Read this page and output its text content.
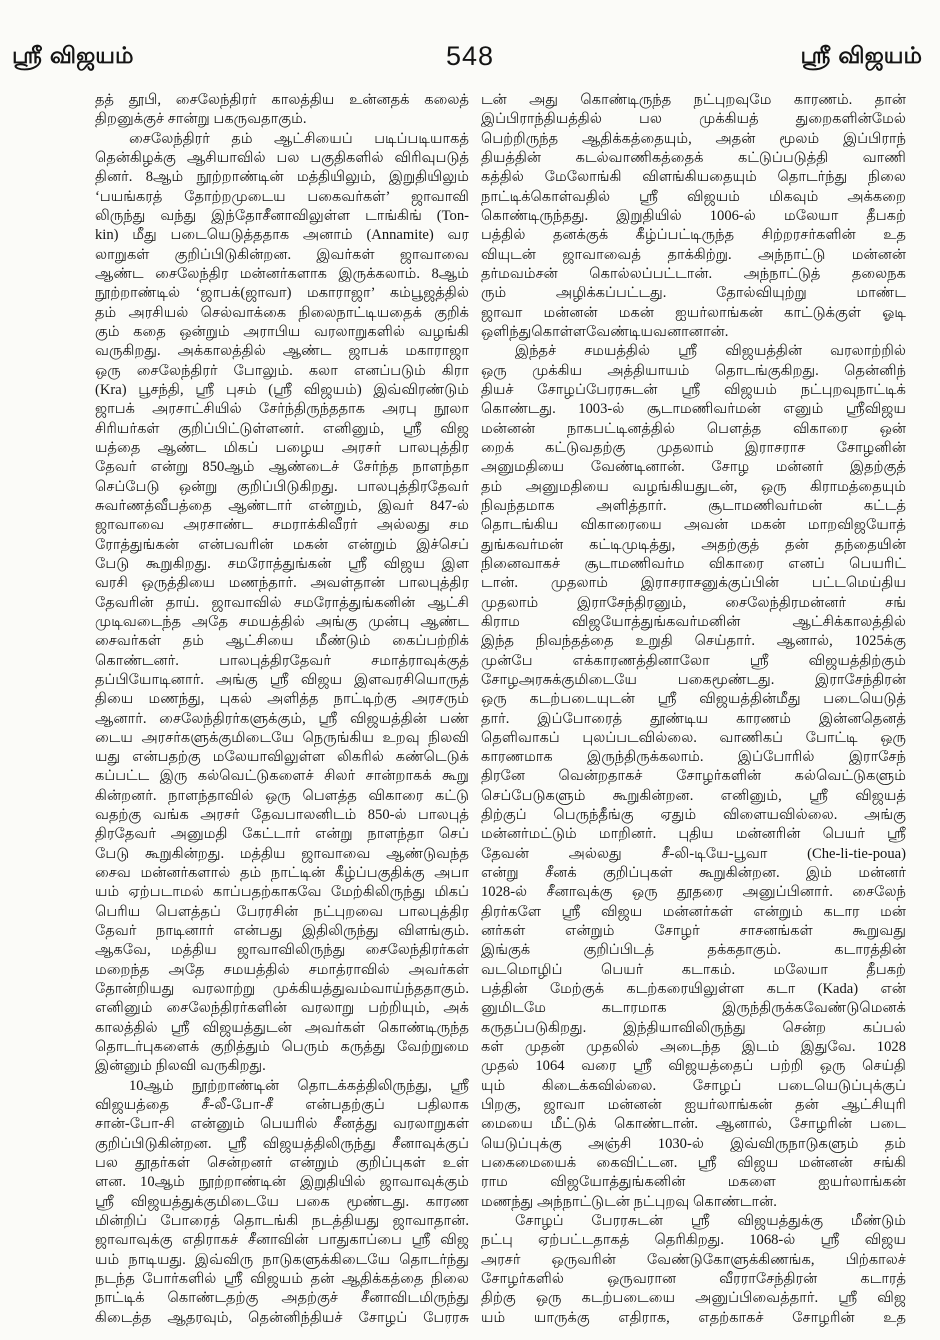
ஸ்ரீ விஜயம்	548	ஸ்ரீ விஜயம்
தத் தூபி, சைலேந்திரர் காலத்திய உன்னதக் கலைத்
திறனுக்குச் சான்று பகருவதாகும்.
சைலேந்திரர் தம் ஆட்சியைப் படிப்படியாகத்
தென்கிழக்கு ஆசியாவில் பல பகுதிகளில் விரிவுபடுத்
தினர். 8ஆம் நூற்றாண்டின் மத்தியிலும், இறுதியிலும்
‘பயங்கரத் தோற்றமுடைய பகைவர்கள்’ ஜாவாவி
லிருந்து வந்து இந்தோசீனாவிலுள்ள டாங்கிங் (Ton-
kin) மீது படையெடுத்ததாக அனாம் (Annamite) வர
லாறுகள் குறிப்பிடுகின்றன. இவர்கள் ஜாவாவை
ஆண்ட சைலேந்திர மன்னர்களாக இருக்கலாம். 8ஆம்
நூற்றாண்டில் ‘ஜாபக்(ஜாவா) மகாராஜா’ கம்பூஜத்தில்
தம் அரசியல் செல்வாக்கை நிலைநாட்டியதைக் குறிக்
கும் கதை ஒன்றும் அராபிய வரலாறுகளில் வழங்கி
வருகிறது. அக்காலத்தில் ஆண்ட ஜாபக் மகாராஜா
ஒரு சைலேந்திரர் போலும். கலா எனப்படும் கிரா
(Kra) பூசந்தி, ஸ்ரீ புசம் (ஸ்ரீ விஜயம்) இவ்விரண்டும்
ஜாபக் அரசாட்சியில் சேர்ந்திருந்ததாக அரபு நூலா
சிரியர்கள் குறிப்பிட்டுள்ளனர். எனினும், ஸ்ரீ விஜ
யத்தை ஆண்ட மிகப் பழைய அரசர் பாலபுத்திர
தேவர் என்று 850ஆம் ஆண்டைச் சேர்ந்த நாளந்தா
செப்பேடு ஒன்று குறிப்பிடுகிறது. பாலபுத்திரதேவர்
சுவர்ணத்வீபத்தை ஆண்டார் என்றும், இவர் 847-ல்
ஜாவாவை அரசாண்ட சமராக்கிவீரர் அல்லது சம
ரோத்துங்கன் என்பவரின் மகன் என்றும் இச்செப்
பேடு கூறுகிறது. சமரோத்துங்கன் ஸ்ரீ விஜய இள
வரசி ஒருத்தியை மணந்தார். அவள்தான் பாலபுத்திர
தேவரின் தாய். ஜாவாவில் சமரோத்துங்கனின் ஆட்சி
முடிவடைந்த அதே சமயத்தில் அங்கு முன்பு ஆண்ட
சைவர்கள் தம் ஆட்சியை மீண்டும் கைப்பற்றிக்
கொண்டனர். பாலபுத்திரதேவர் சமாத்ராவுக்குத்
தப்பியோடினார். அங்கு ஸ்ரீ விஜய இளவரசியொருத்
தியை மணந்து, புகல் அளித்த நாட்டிற்கு அரசரும்
ஆனார். சைலேந்திரர்களுக்கும், ஸ்ரீ விஜயத்தின் பண்
டைய அரசர்களுக்குமிடையே நெருங்கிய உறவு நிலவி
யது என்பதற்கு மலேயாவிலுள்ள லிகரில் கண்டெடுக்
கப்பட்ட இரு கல்வெட்டுகளைச் சிலர் சான்றாகக் கூறு
கின்றனர். நாளந்தாவில் ஒரு பௌத்த விகாரை கட்டு
வதற்கு வங்க அரசர் தேவபாலனிடம் 850-ல் பாலபுத்
திரதேவர் அனுமதி கேட்டார் என்று நாளந்தா செப்
பேடு கூறுகின்றது. மத்திய ஜாவாவை ஆண்டுவந்த
சைவ மன்னர்களால் தம் நாட்டின் கீழ்ப்பகுதிக்கு அபா
யம் ஏற்படாமல் காப்பதற்காகவே மேற்கிலிருந்து மிகப்
பெரிய பௌத்தப் பேரரசின் நட்புறவை பாலபுத்திர
தேவர் நாடினார் என்பது இதிலிருந்து விளங்கும்.
ஆகவே, மத்திய ஜாவாவிலிருந்து சைலேந்திரர்கள்
மறைந்த அதே சமயத்தில் சமாத்ராவில் அவர்கள்
தோன்றியது வரலாற்று முக்கியத்துவம்வாய்ந்ததாகும்.
எனினும் சைலேந்திரர்களின் வரலாறு பற்றியும், அக்
காலத்தில் ஸ்ரீ விஜயத்துடன் அவர்கள் கொண்டிருந்த
தொடர்புகளைக் குறித்தும் பெரும் கருத்து வேற்றுமை
இன்னும் நிலவி வருகிறது.
10ஆம் நூற்றாண்டின் தொடக்கத்திலிருந்து, ஸ்ரீ
விஜயத்தை சீ-லீ-போ-சீ என்பதற்குப் பதிலாக
சான்-போ-சி என்னும் பெயரில் சீனத்து வரலாறுகள்
குறிப்பிடுகின்றன. ஸ்ரீ விஜயத்திலிருந்து சீனாவுக்குப்
பல தூதர்கள் சென்றனர் என்றும் குறிப்புகள் உள்
ளன. 10ஆம் நூற்றாண்டின் இறுதியில் ஜாவாவுக்கும்
ஸ்ரீ விஜயத்துக்குமிடையே பகை மூண்டது. காரண
மின்றிப் போரைத் தொடங்கி நடத்தியது ஜாவாதான்.
ஜாவாவுக்கு எதிராகச் சீனாவின் பாதுகாப்பை ஸ்ரீ விஜ
யம் நாடியது. இவ்விரு நாடுகளுக்கிடையே தொடர்ந்து
நடந்த போர்களில் ஸ்ரீ விஜயம் தன் ஆதிக்கத்தை நிலை
நாட்டிக் கொண்டதற்கு அதற்குச் சீனாவிடமிருந்து
கிடைத்த ஆதரவும், தென்னிந்தியச் சோழப் பேரரசு
டன் அது கொண்டிருந்த நட்புறவுமே காரணம். தான்
இப்பிராந்தியத்தில் பல முக்கியத் துறைகளின்மேல்
பெற்றிருந்த ஆதிக்கத்தையும், அதன் மூலம் இப்பிராந்
தியத்தின் கடல்வாணிகத்தைக் கட்டுப்படுத்தி வாணி
கத்தில் மேலோங்கி விளங்கியதையும் தொடர்ந்து நிலை
நாட்டிக்கொள்வதில் ஸ்ரீ விஜயம் மிகவும் அக்கறை
கொண்டிருந்தது. இறுதியில் 1006-ல் மலேயா தீபகற்
பத்தில் தனக்குக் கீழ்ப்பட்டிருந்த சிற்றரசர்களின் உத
வியுடன் ஜாவாவைத் தாக்கிற்று. அந்நாட்டு மன்னன்
தர்மவம்சன் கொல்லப்பட்டான். அந்நாட்டுத் தலைநக
ரும் அழிக்கப்பட்டது. தோல்வியுற்று மாண்ட
ஜாவா மன்னன் மகன் ஐயர்லாங்கன் காட்டுக்குள் ஓடி
ஒளிந்துகொள்ளவேண்டியவனானான்.
இந்தச் சமயத்தில் ஸ்ரீ விஜயத்தின் வரலாற்றில்
ஒரு முக்கிய அத்தியாயம் தொடங்குகிறது. தென்னிந்
தியச் சோழப்பேரரசுடன் ஸ்ரீ விஜயம் நட்புறவுநாட்டிக்
கொண்டது. 1003-ல் சூடாமணிவர்மன் எனும் ஸ்ரீவிஜய
மன்னன் நாகபட்டினத்தில் பௌத்த விகாரை ஒன்
றைக் கட்டுவதற்கு முதலாம் இராசராச சோழனின்
அனுமதியை வேண்டினான். சோழ மன்னர் இதற்குத்
தம் அனுமதியை வழங்கியதுடன், ஒரு கிராமத்தையும்
நிவந்தமாக அளித்தார். சூடாமணிவர்மன் கட்டத்
தொடங்கிய விகாரையை அவன் மகன் மாறவிஜயோத்
துங்கவர்மன் கட்டிமுடித்து, அதற்குத் தன் தந்தையின்
நினைவாகச் சூடாமணிவர்ம விகாரை எனப் பெயரிட்
டான். முதலாம் இராசராசனுக்குப்பின் பட்டமெய்திய
முதலாம் இராசேந்திரனும், சைலேந்திரமன்னர் சங்
கிராம விஜயோத்துங்கவர்மனின் ஆட்சிக்காலத்தில்
இந்த நிவந்தத்தை உறுதி செய்தார். ஆனால், 1025க்கு
முன்பே எக்காரணத்தினாலோ ஸ்ரீ விஜயத்திற்கும்
சோழஅரசுக்குமிடையே பகைமூண்டது. இராசேந்திரன்
ஒரு கடற்படையுடன் ஸ்ரீ விஜயத்தின்மீது படையெடுத்
தார். இப்போரைத் தூண்டிய காரணம் இன்னதெனத்
தெளிவாகப் புலப்படவில்லை. வாணிகப் போட்டி ஒரு
காரணமாக இருந்திருக்கலாம். இப்போரில் இராசேந்
திரனே வென்றதாகச் சோழர்களின் கல்வெட்டுகளும்
செப்பேடுகளும் கூறுகின்றன. எனினும், ஸ்ரீ விஜயத்
திற்குப் பெருந்தீங்கு ஏதும் விளையவில்லை. அங்கு
மன்னர்மட்டும் மாறினர். புதிய மன்னரின் பெயர் ஸ்ரீ
தேவன் அல்லது சீ-லி-டியே-பூவா (Che-li-tie-poua)
என்று சீனக் குறிப்புகள் கூறுகின்றன. இம் மன்னர்
1028-ல் சீனாவுக்கு ஒரு தூதரை அனுப்பினார். சைலேந்
திரர்களே ஸ்ரீ விஜய மன்னர்கள் என்றும் கடார மன்
னர்கள் என்றும் சோழர் சாசனங்கள் கூறுவது
இங்குக் குறிப்பிடத் தக்கதாகும். கடாரத்தின்
வடமொழிப் பெயர் கடாகம். மலேயா தீபகற்
பத்தின் மேற்குக் கடற்கரையிலுள்ள கடா (Kada) என்
னுமிடமே கடாரமாக இருந்திருக்கவேண்டுமெனக்
கருதப்படுகிறது. இந்தியாவிலிருந்து சென்ற கப்பல்
கள் முதன் முதலில் அடைந்த இடம் இதுவே. 1028
முதல் 1064 வரை ஸ்ரீ விஜயத்தைப் பற்றி ஒரு செய்தி
யும் கிடைக்கவில்லை. சோழப் படையெடுப்புக்குப்
பிறகு, ஜாவா மன்னன் ஐயர்லாங்கன் தன் ஆட்சியுரி
மையை மீட்டுக் கொண்டான். ஆனால், சோழரின் படை
யெடுப்புக்கு அஞ்சி 1030-ல் இவ்விருநாடுகளும் தம்
பகைமையைக் கைவிட்டன. ஸ்ரீ விஜய மன்னன் சங்கி
ராம விஜயோத்துங்கனின் மகளை ஐயர்லாங்கன்
மணந்து அந்நாட்டுடன் நட்புறவு கொண்டான்.
சோழப் பேரரசுடன் ஸ்ரீ விஜயத்துக்கு மீண்டும்
நட்பு ஏற்பட்டதாகத் தெரிகிறது. 1068-ல் ஸ்ரீ விஜய
அரசர் ஒருவரின் வேண்டுகோளுக்கிணங்க, பிற்காலச்
சோழர்களில் ஒருவரான வீரராசேந்திரன் கடாரத்
திற்கு ஒரு கடற்படையை அனுப்பிவைத்தார். ஸ்ரீ விஜ
யம் யாருக்கு எதிராக, எதற்காகச் சோழரின் உத
